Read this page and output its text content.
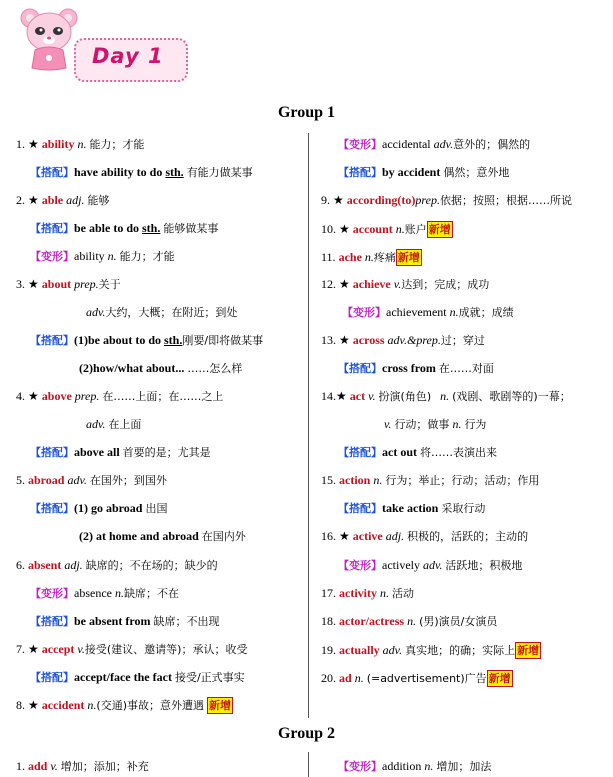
Day 1
Group 1
1. ★ ability n. 能力；才能
【搭配】have ability to do sth. 有能力做某事
2. ★ able adj. 能够
【搭配】be able to do sth. 能够做某事
【变形】ability n. 能力；才能
3. ★ about prep.关于
adv.大约，大概；在附近；到处
【搭配】(1)be about to do sth.刚要/即将做某事
(2)how/what about... ……怎么样
4. ★ above prep. 在……上面；在……之上
adv. 在上面
【搭配】above all 首要的是；尤其是
5. abroad adv. 在国外；到国外
【搭配】(1) go abroad 出国
(2) at home and abroad 在国内外
6. absent adj. 缺席的；不在场的；缺少的
【变形】absence n.缺席；不在
【搭配】be absent from 缺席；不出现
7. ★ accept v.接受(建议、邀请等)；承认；收受
【搭配】accept/face the fact 接受/正式事实
8. ★ accident n.(交通)事故；意外遭遇 新增
【变形】accidental adv.意外的；偶然的
【搭配】by accident 偶然；意外地
9. ★ according(to)prep.依据；按照；根据……所说
10. ★ account n.账户 新增
11. ache n.疼痛 新增
12. ★ achieve v.达到；完成；成功
【变形】achievement n.成就；成绩
13. ★ across adv.&prep.过；穿过
【搭配】cross from 在……对面
14.★ act v. 扮演(角色) n. (戏剧、歌剧等的)一幕；
v. 行动；做事 n. 行为
【搭配】act out 将……表演出来
15. action n. 行为；举止；行动；活动；作用
【搭配】take action 采取行动
16. ★ active adj. 积极的，活跃的；主动的
【变形】actively adv. 活跃地；积极地
17. activity n. 活动
18. actor/actress n. (男)演员/女演员
19. actually adv. 真实地；的确；实际上 新增
20. ad n. (=advertisement)广告 新增
Group 2
1. add v. 增加；添加；补充	【变形】addition n. 增加；加法
